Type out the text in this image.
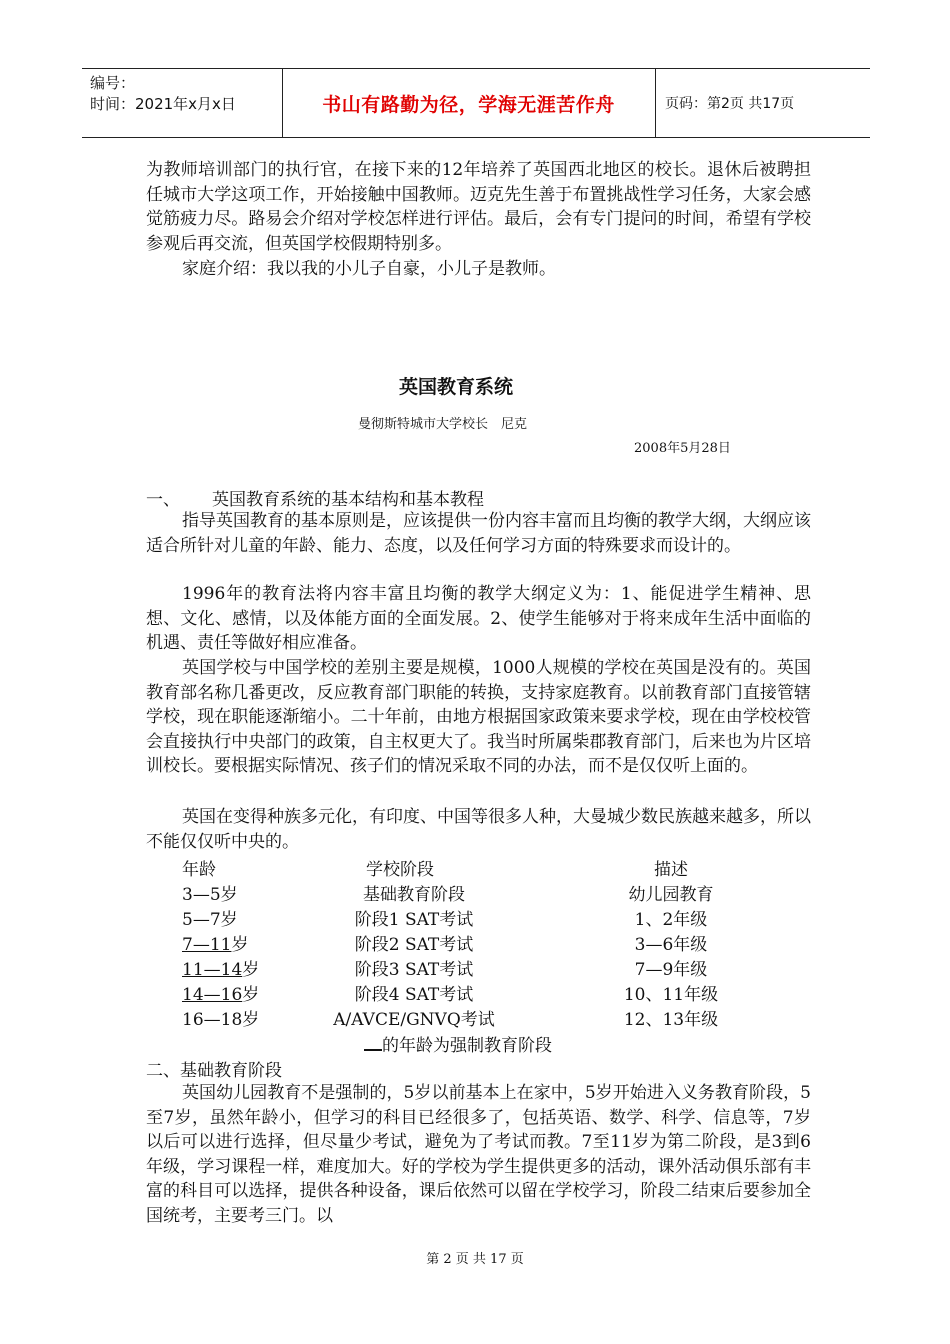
编号：
时间：2021年x月x日	书山有路勤为径，学海无涯苦作舟	页码：第2页 共17页

为教师培训部门的执行官，在接下来的12年培养了英国西北地区的校长。退休后被聘担任城市大学这项工作，开始接触中国教师。迈克先生善于布置挑战性学习任务，大家会感觉筋疲力尽。路易会介绍对学校怎样进行评估。最后，会有专门提问的时间，希望有学校参观后再交流，但英国学校假期特别多。

家庭介绍：我以我的小儿子自豪，小儿子是教师。

英国教育系统
曼彻斯特城市大学校长　尼克
2008年5月28日
一、 英国教育系统的基本结构和基本教程

指导英国教育的基本原则是，应该提供一份内容丰富而且均衡的教学大纲，大纲应该适合所针对儿童的年龄、能力、态度，以及任何学习方面的特殊要求而设计的。

1996年的教育法将内容丰富且均衡的教学大纲定义为：1、能促进学生精神、思想、文化、感情，以及体能方面的全面发展。2、使学生能够对于将来成年生活中面临的机遇、责任等做好相应准备。

英国学校与中国学校的差别主要是规模，1000人规模的学校在英国是没有的。英国教育部名称几番更改，反应教育部门职能的转换，支持家庭教育。以前教育部门直接管辖学校，现在职能逐渐缩小。二十年前，由地方根据国家政策来要求学校，现在由学校校管会直接执行中央部门的政策，自主权更大了。我当时所属柴郡教育部门，后来也为片区培训校长。要根据实际情况、孩子们的情况采取不同的办法，而不是仅仅听上面的。

英国在变得种族多元化，有印度、中国等很多人种，大曼城少数民族越来越多，所以不能仅仅听中央的。

年龄	学校阶段	描述
3—5岁	基础教育阶段	幼儿园教育
5—7岁	阶段1 SAT考试	1、2年级
7—11岁	阶段2 SAT考试	3—6年级
11—14岁	阶段3 SAT考试	7—9年级
14—16岁	阶段4 SAT考试	10、11年级
16—18岁	A/AVCE/GNVQ考试	12、13年级
的年龄为强制教育阶段
二、基础教育阶段

英国幼儿园教育不是强制的，5岁以前基本上在家中，5岁开始进入义务教育阶段，5至7岁，虽然年龄小，但学习的科目已经很多了，包括英语、数学、科学、信息等，7岁以后可以进行选择，但尽量少考试，避免为了考试而教。7至11岁为第二阶段，是3到6年级，学习课程一样，难度加大。好的学校为学生提供更多的活动，课外活动俱乐部有丰富的科目可以选择，提供各种设备，课后依然可以留在学校学习，阶段二结束后要参加全国统考，主要考三门。以

第 2 页 共 17 页
